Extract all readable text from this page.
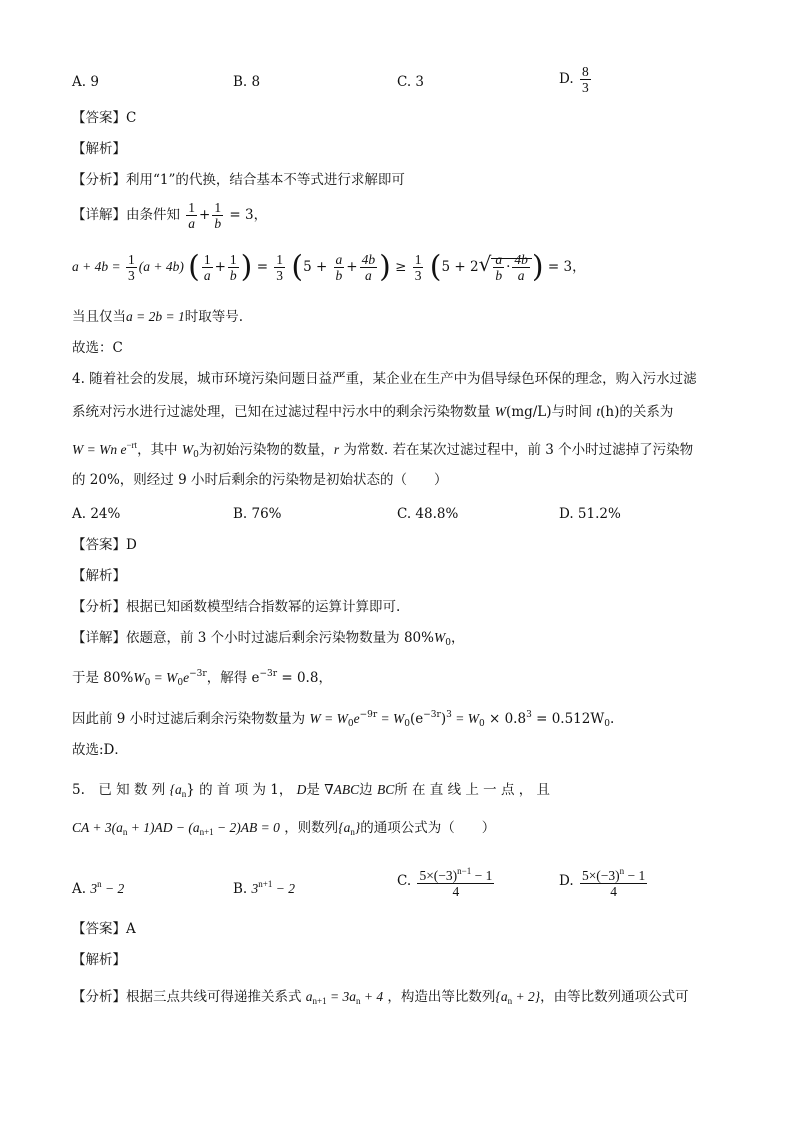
A. 9	B. 8	C. 3	D. $\frac{8}{3}$
【答案】C
【解析】
【分析】利用“1”的代换，结合基本不等式进行求解即可
【详解】由条件知 $\frac{1}{a} + \frac{1}{b} = 3$，
$a + 4b = \frac{1}{3} (a + 4b)$ ( $\frac{1}{a} + \frac{1}{b}$ ) = $\frac{1}{3} (5 + \frac{a}{b} + \frac{4b}{a}$ ) ≥ $\frac{1}{3} (5 + 2√ \frac{a}{b} \cdot \frac{4b}{a}$ ) = 3，
当且仅当a = 2b = 1时取等号.
故选：C
4. 随着社会的发展，城市环境污染问题日益严重，某企业在生产中为倡导绿色环保的理念，购入污水过滤
系统对污水进行过滤处理，已知在过滤过程中污水中的剩余污染物数量 W(mg/L)与时间 t(h)的关系为
W = Wn $e^{-rt}$，其中 $W_0$为初始污染物的数量，r 为常数. 若在某次过滤过程中，前 3 个小时过滤掉了污染物
的 20%，则经过 9 小时后剩余的污染物是初始状态的（　　）
A. 24%	B. 76%	C. 48.8%	D. 51.2%
【答案】D
【解析】
【分析】根据已知函数模型结合指数幂的运算计算即可.
【详解】依题意，前 3 个小时过滤后剩余污染物数量为 $80\%W_0$，
于是 $80\%W_0 = W_0e^{-3r}$，解得 $e^{-3r} = 0.8$，
因此前 9 小时过滤后剩余污染物数量为 $W = W_0e^{-9r} = W_0(e^{-3r})^3 = W_0 \times 0.8^3 = 0.512W_0$.
故选:D．
5.　已 知 数 列 $\{a_n\}$ 的 首 项 为 1， D是 ∇ABC边 BC所 在 直 线 上 一 点 ， 且
CA + $3(a_n + 1)AD - (a_{n+1} - 2)AB = 0$ ，则数列$\{a_n\}$的通项公式为（　　）
A. $3^n - 2$	B. $3^{n+1} - 2$	C. $\frac{5\times(-3)^{n-1} - 1}{4}$	D. $\frac{5\times(-3)^n - 1}{4}$
【答案】A
【解析】
【分析】根据三点共线可得递推关系式 $a_{n+1} = 3a_n + 4$ ，构造出等比数列$\{a_n + 2\}$，由等比数列通项公式可
